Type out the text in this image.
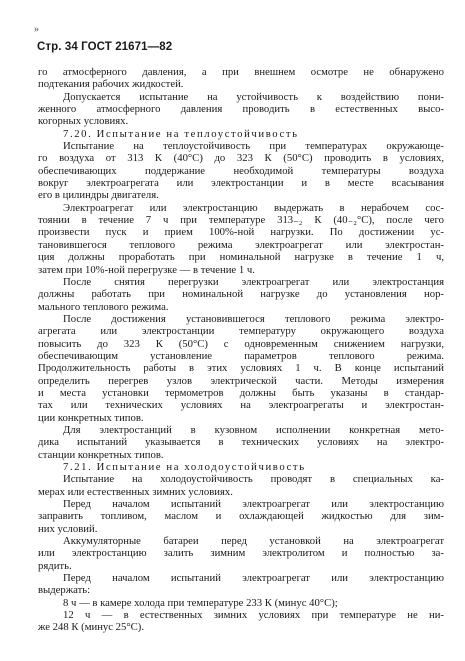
»
Стр. 34 ГОСТ 21671—82
го атмосферного давления, а при внешнем осмотре не обнаружено
подтекания рабочих жидкостей.
Допускается испытание на устойчивость к воздействию пони-
женного атмосферного давления проводить в естественных высо-
когорных условиях.
7.20. Испытание на теплоустойчивость
Испытание на теплоустойчивость при температурах окружающе-
го воздуха от 313 К (40°С) до 323 К (50°С) проводить в условиях,
обеспечивающих поддержание необходимой температуры воздуха
вокруг электроагрегата или электростанции и в месте всасывания
его в цилиндры двигателя.
Электроагрегат или электростанцию выдержать в нерабочем сос-
тоянии в течение 7 ч при температуре 313₋₂ К (40₋₂°С), после чего
произвести пуск и прием 100%-ной нагрузки. По достижении ус-
тановившегося теплового режима электроагрегат или электростан-
ция должны проработать при номинальной нагрузке в течение 1 ч,
затем при 10%-ной перегрузке — в течение 1 ч.
После снятия перегрузки электроагрегат или электростанция
должны работать при номинальной нагрузке до установления нор-
мального теплового режима.
После достижения установившегося теплового режима электро-
агрегата или электростанции температуру окружающего воздуха
повысить до 323 К (50°С) с одновременным снижением нагрузки,
обеспечивающим установление параметров теплового режима.
Продолжительность работы в этих условиях 1 ч. В конце испытаний
определить перегрев узлов электрической части. Методы измерения
и места установки термометров должны быть указаны в стандар-
тах или технических условиях на электроагрегаты и электростан-
ции конкретных типов.
Для электростанций в кузовном исполнении конкретная мето-
дика испытаний указывается в технических условиях на электро-
станции конкретных типов.
7.21. Испытание на холодоустойчивость
Испытание на холодоустойчивость проводят в специальных ка-
мерах или естественных зимних условиях.
Перед началом испытаний электроагрегат или электростанцию
заправить топливом, маслом и охлаждающей жидкостью для зим-
них условий.
Аккумуляторные батареи перед установкой на электроагрегат
или электростанцию залить зимним электролитом и полностью за-
рядить.
Перед началом испытаний электроагрегат или электростанцию
выдержать:
8 ч — в камере холода при температуре 233 К (минус 40°С);
12 ч — в естественных зимних условиях при температуре не ни-
же 248 К (минус 25°С).
